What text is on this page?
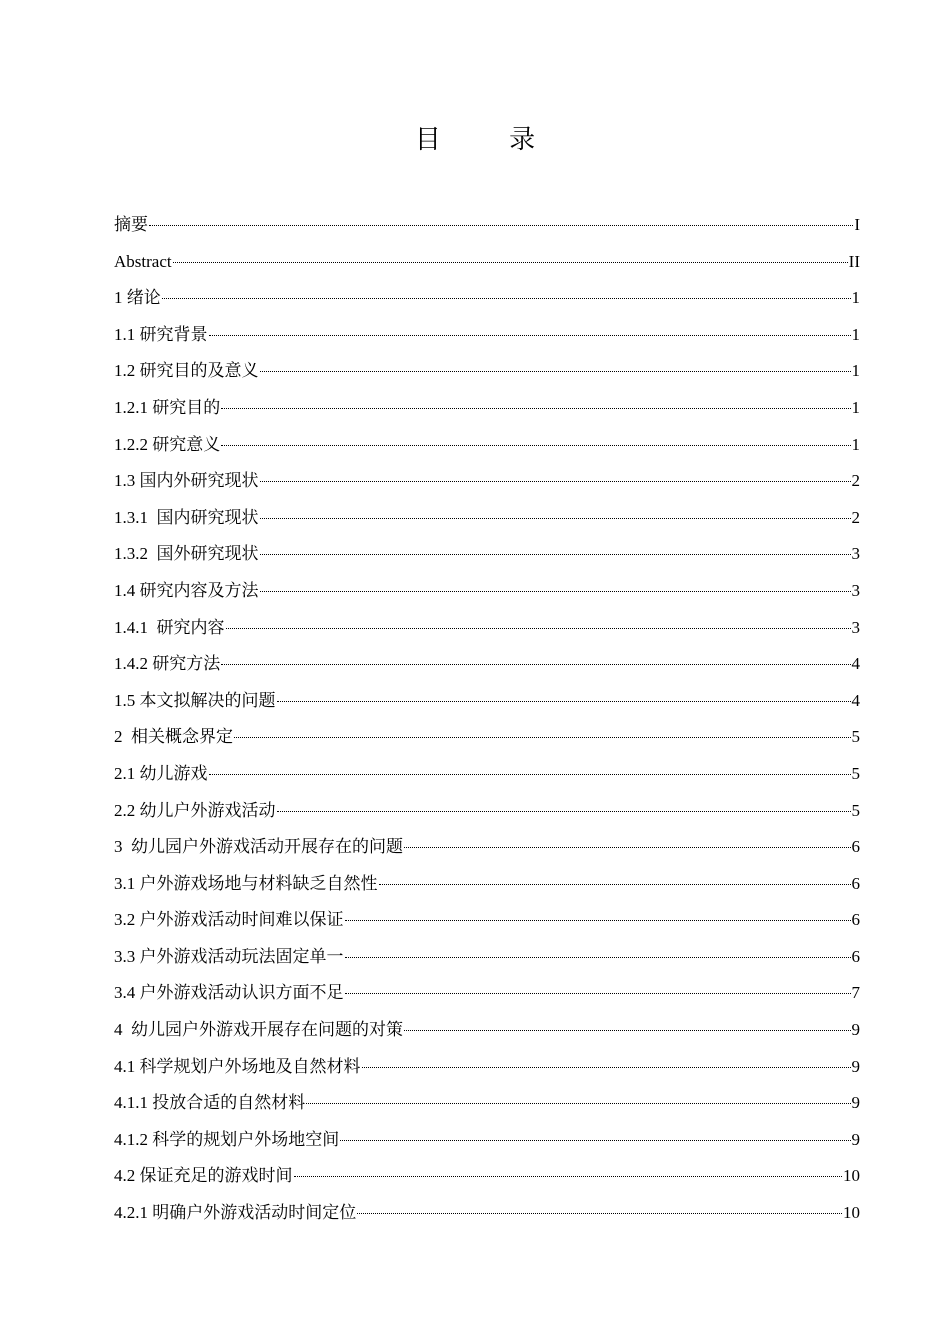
目 录
摘要	I
Abstract	II
1 绪论	1
1.1 研究背景	1
1.2 研究目的及意义	1
1.2.1 研究目的	1
1.2.2 研究意义	1
1.3 国内外研究现状	2
1.3.1  国内研究现状	2
1.3.2  国外研究现状	3
1.4 研究内容及方法	3
1.4.1  研究内容	3
1.4.2 研究方法	4
1.5 本文拟解决的问题	4
2  相关概念界定	5
2.1 幼儿游戏	5
2.2 幼儿户外游戏活动	5
3  幼儿园户外游戏活动开展存在的问题	6
3.1 户外游戏场地与材料缺乏自然性	6
3.2 户外游戏活动时间难以保证	6
3.3 户外游戏活动玩法固定单一	6
3.4 户外游戏活动认识方面不足	7
4  幼儿园户外游戏开展存在问题的对策	9
4.1 科学规划户外场地及自然材料	9
4.1.1 投放合适的自然材料	9
4.1.2 科学的规划户外场地空间	9
4.2 保证充足的游戏时间	10
4.2.1 明确户外游戏活动时间定位	10
